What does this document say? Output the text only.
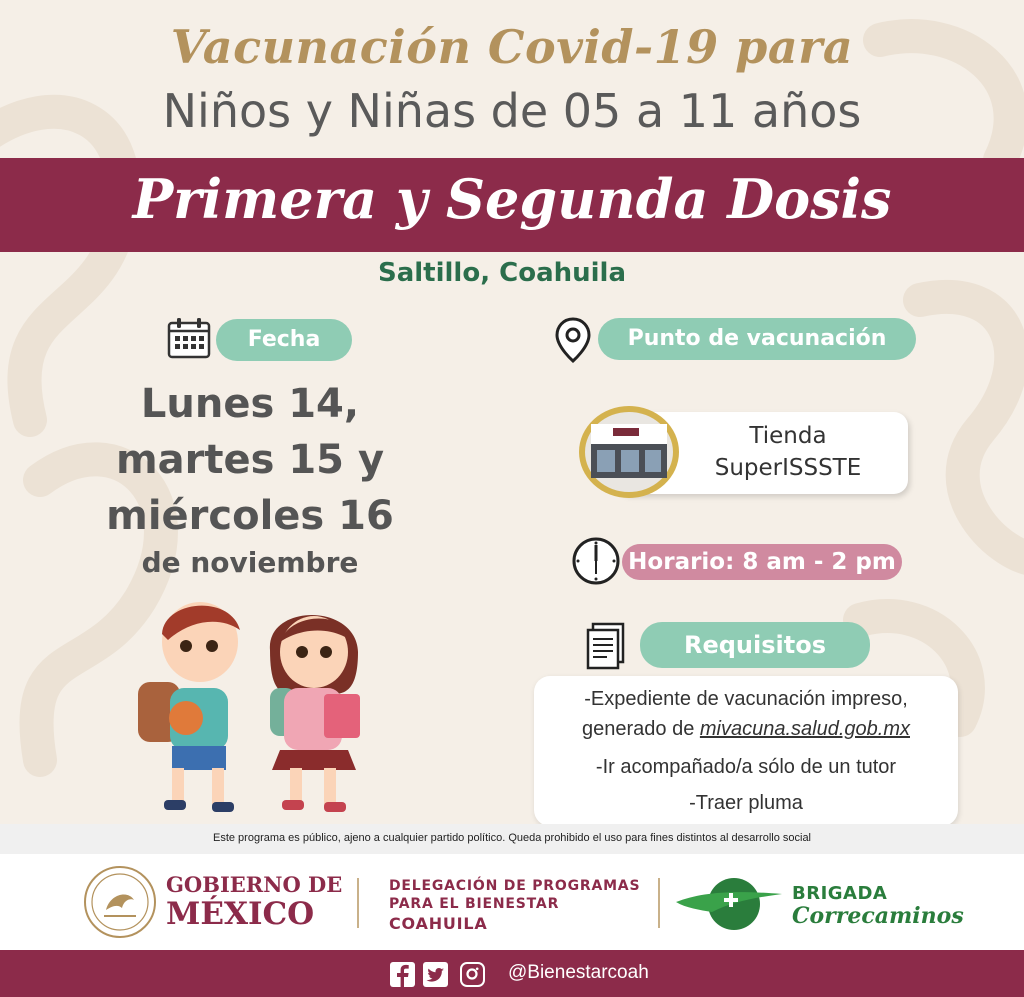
Vacunación Covid-19 para
Niños y Niñas de 05 a 11 años
Primera y Segunda Dosis
Saltillo, Coahuila
Fecha
Lunes 14,
martes 15 y
miércoles 16
de noviembre
Punto de vacunación
Tienda
SuperISSSTE
Horario: 8 am - 2 pm
Requisitos
-Expediente de vacunación impreso,
generado de mivacuna.salud.gob.mx
-Ir acompañado/a sólo de un tutor
-Traer pluma
Este programa es público, ajeno a cualquier partido político. Queda prohibido el uso para fines distintos al desarrollo social
GOBIERNO DE
MÉXICO
DELEGACIÓN DE PROGRAMAS
PARA EL BIENESTAR
COAHUILA
BRIGADA
Correcaminos
@Bienestarcoah
